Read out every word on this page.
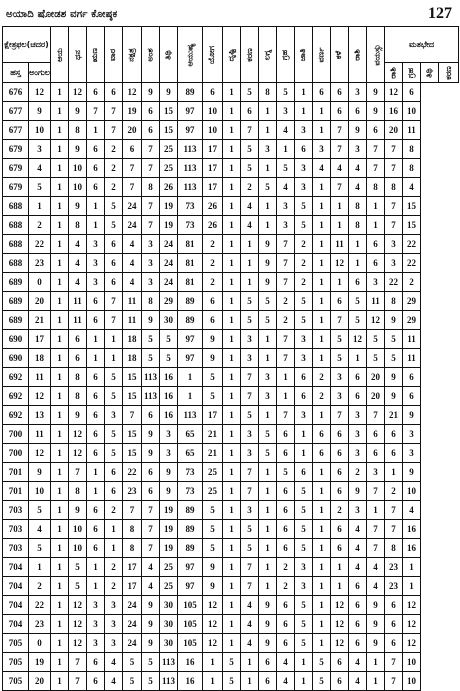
ಅಯಾದಿ ಷೋಡಶ ವರ್ಗ ಕೋಷ್ಠಕ	127
ಕ್ಷೇತ್ರಫಲ(ಚದರ)		ಆಯ	ಧನ	ಋಣ	ವಾರ	ನಕ್ಷತ್ರ	ಅಂಶ	ತಿಥಿ	ಆಯುಷ್ಯ	ಯೋಗ	ದೃಷ್ಟಿ	ಕರಣ	ಲಗ್ನ	ಗ್ರಹ	ಜಾತಿ	ವರ್ಣ	ಕಳೆ	ರಾಶಿ	ವಯಸ್ಸು	ಮತಭೇದ			
ಹಸ್ತ	ಅಂಗುಲ																			ರಾಶಿ	ಗ್ರಹ	ತಿಥಿ	ಕರಣ
676	12	1	12	6	6	12	9	9	89	6	1	5	8	5	1	6	6	3	9	12	6		
677	9	1	9	7	7	19	6	15	97	10	1	6	1	3	1	1	6	6	9	16	10		
677	10	1	8	1	7	20	6	15	97	10	1	7	1	4	3	1	7	9	6	20	11		
679	3	1	9	6	2	6	7	25	113	17	1	5	3	1	6	3	7	3	7	7	8		
679	4	1	10	6	2	7	7	25	113	17	1	5	1	5	3	4	4	4	7	7	8		
679	5	1	10	6	2	7	8	26	113	17	1	2	5	4	3	1	7	4	8	8	4		
688	1	1	9	1	5	24	7	19	73	26	1	4	1	3	5	1	1	8	1	7	15		
688	2	1	8	1	5	24	7	19	73	26	1	4	1	3	5	1	1	8	1	7	15		
688	22	1	4	3	6	4	3	24	81	2	1	1	9	7	2	1	11	1	6	3	22		
688	23	1	4	3	6	4	3	24	81	2	1	1	9	7	2	1	12	1	6	3	22		
689	0	1	4	3	6	4	3	24	81	2	1	1	9	7	2	1	1	6	3	22	2		
689	20	1	11	6	7	11	8	29	89	6	1	5	5	2	5	1	6	5	11	8	29		
689	21	1	11	6	7	11	9	30	89	6	1	5	5	2	5	1	7	5	12	9	29		
690	17	1	6	1	1	18	5	5	97	9	1	3	1	7	3	1	5	12	5	5	11		
690	18	1	6	1	1	18	5	5	97	9	1	3	1	7	3	1	5	1	5	5	11		
692	11	1	8	6	5	15	113	16	1	5	1	7	3	1	6	2	3	6	20	9	6		
692	12	1	8	6	5	15	113	16	1	5	1	7	3	1	6	2	3	6	20	9	6		
692	13	1	9	6	3	7	6	16	113	17	1	5	1	7	3	1	7	3	7	21	9		
700	11	1	12	6	5	15	9	3	65	21	1	3	5	6	1	6	6	3	6	6	3		
700	12	1	12	6	5	15	9	3	65	21	1	3	5	6	1	6	6	3	6	6	3		
701	9	1	7	1	6	22	6	9	73	25	1	7	1	5	6	1	6	2	3	1	9		
701	10	1	8	1	6	23	6	9	73	25	1	7	1	6	5	1	6	9	7	2	10		
703	5	1	9	6	2	7	7	19	89	5	1	3	1	6	5	1	2	3	1	7	4		
703	4	1	10	6	1	8	7	19	89	5	1	5	1	6	5	1	6	4	7	7	16		
703	5	1	10	6	1	8	7	19	89	5	1	5	1	6	5	1	6	4	7	8	16		
704	1	1	5	1	2	17	4	25	97	9	1	7	1	2	3	1	1	4	4	23	1		
704	2	1	5	1	2	17	4	25	97	9	1	7	1	2	3	1	1	6	4	23	1		
704	22	1	12	3	3	24	9	30	105	12	1	4	9	6	5	1	12	6	9	6	12		
704	23	1	12	3	3	24	9	30	105	12	1	4	9	6	5	1	12	6	9	6	12		
705	0	1	12	3	3	24	9	30	105	12	1	4	9	6	5	1	12	6	9	6	12		
705	19	1	7	6	4	5	5	113	16	1	5	1	6	4	1	5	6	4	1	7	10		
705	20	1	7	6	4	5	5	113	16	1	5	1	6	4	1	5	6	4	1	7	10		
